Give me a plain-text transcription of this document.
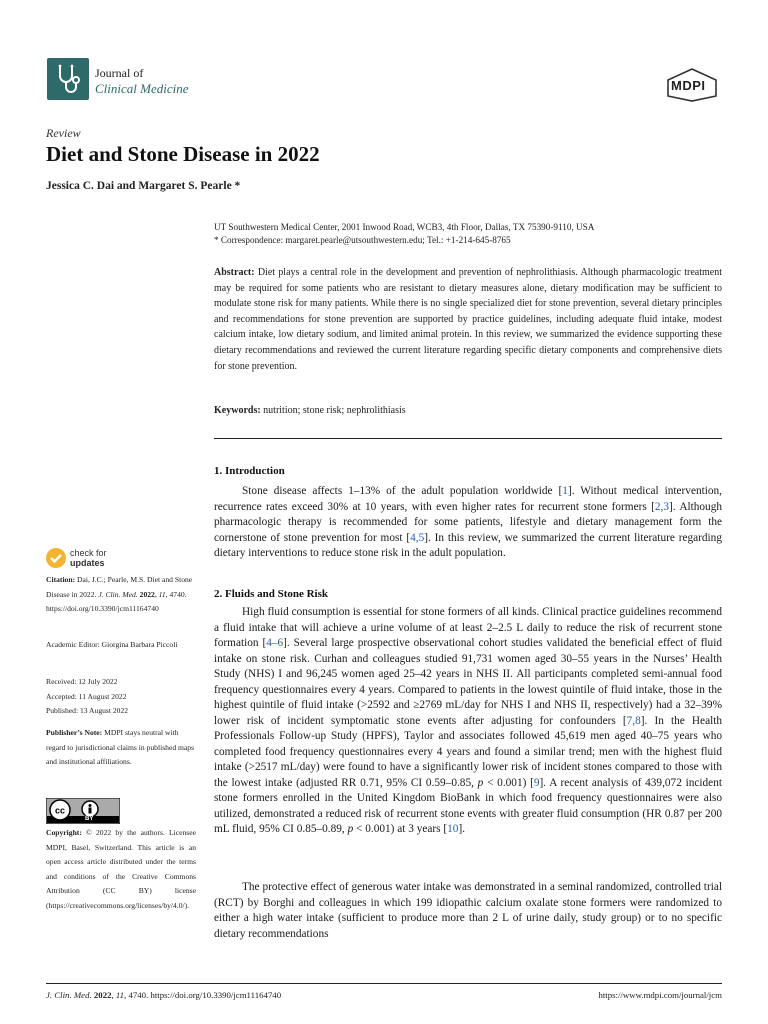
Journal of
Clinical Medicine	MDPI
Review
Diet and Stone Disease in 2022
Jessica C. Dai and Margaret S. Pearle *
UT Southwestern Medical Center, 2001 Inwood Road, WCB3, 4th Floor, Dallas, TX 75390-9110, USA
* Correspondence: margaret.pearle@utsouthwestern.edu; Tel.: +1-214-645-8765
Abstract: Diet plays a central role in the development and prevention of nephrolithiasis. Although pharmacologic treatment may be required for some patients who are resistant to dietary measures alone, dietary modification may be sufficient to modulate stone risk for many patients. While there is no single specialized diet for stone prevention, several dietary principles and recommendations for stone prevention are supported by practice guidelines, including adequate fluid intake, modest calcium intake, low dietary sodium, and limited animal protein. In this review, we summarized the evidence supporting these dietary recommendations and reviewed the current literature regarding specific dietary components and comprehensive diets for stone prevention.
Keywords: nutrition; stone risk; nephrolithiasis
1. Introduction
Stone disease affects 1–13% of the adult population worldwide [1]. Without medical intervention, recurrence rates exceed 30% at 10 years, with even higher rates for recurrent stone formers [2,3]. Although pharmacologic therapy is recommended for some patients, lifestyle and dietary management form the cornerstone of stone prevention for most [4,5]. In this review, we summarized the current literature regarding dietary interventions to reduce stone risk in the adult population.
2. Fluids and Stone Risk
High fluid consumption is essential for stone formers of all kinds. Clinical practice guidelines recommend a fluid intake that will achieve a urine volume of at least 2–2.5 L daily to reduce the risk of recurrent stone formation [4–6]. Several large prospective observational cohort studies validated the beneficial effect of fluid intake on stone risk. Curhan and colleagues studied 91,731 women aged 30–55 years in the Nurses’ Health Study (NHS) I and 96,245 women aged 25–42 years in NHS II. All participants completed semi-annual food frequency questionnaires every 4 years. Compared to patients in the lowest quintile of fluid intake, those in the highest quintile of fluid intake (>2592 and ≥2769 mL/day for NHS I and NHS II, respectively) had a 32–39% lower risk of incident symptomatic stone events after adjusting for confounders [7,8]. In the Health Professionals Follow-up Study (HPFS), Taylor and associates followed 45,619 men aged 40–75 years who completed food frequency questionnaires every 4 years and found a similar trend; men with the highest fluid intake (>2517 mL/day) were found to have a significantly lower risk of incident stones compared to those with the lowest intake (adjusted RR 0.71, 95% CI 0.59–0.85, p < 0.001) [9]. A recent analysis of 439,072 incident stone formers enrolled in the United Kingdom BioBank in which food frequency questionnaires were also utilized, demonstrated a reduced risk of recurrent stone events with greater fluid consumption (HR 0.87 per 200 mL fluid, 95% CI 0.85–0.89, p < 0.001) at 3 years [10].
The protective effect of generous water intake was demonstrated in a seminal randomized, controlled trial (RCT) by Borghi and colleagues in which 199 idiopathic calcium oxalate stone formers were randomized to either a high water intake (sufficient to produce more than 2 L of urine daily, study group) or to no specific dietary recommendations
check for
updates
Citation: Dai, J.C.; Pearle, M.S. Diet and Stone Disease in 2022. J. Clin. Med. 2022, 11, 4740. https://doi.org/10.3390/jcm11164740
Academic Editor: Giorgina Barbara Piccoli
Received: 12 July 2022
Accepted: 11 August 2022
Published: 13 August 2022
Publisher’s Note: MDPI stays neutral with regard to jurisdictional claims in published maps and institutional affiliations.
cc
BY
Copyright: © 2022 by the authors. Licensee MDPI, Basel, Switzerland. This article is an open access article distributed under the terms and conditions of the Creative Commons Attribution (CC BY) license (https://creativecommons.org/licenses/by/4.0/).
J. Clin. Med. 2022, 11, 4740. https://doi.org/10.3390/jcm11164740	https://www.mdpi.com/journal/jcm
